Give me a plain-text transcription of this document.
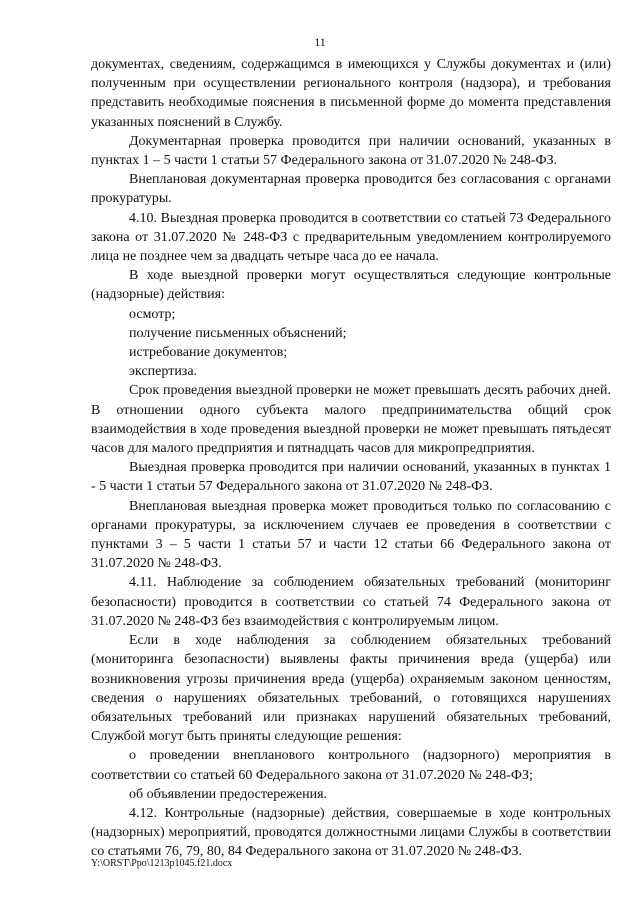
11

документах, сведениям, содержащимся в имеющихся у Службы документах и (или) полученным при осуществлении регионального контроля (надзора), и требования представить необходимые пояснения в письменной форме до момента представления указанных пояснений в Службу.

Документарная проверка проводится при наличии оснований, указанных в пунктах 1 – 5 части 1 статьи 57 Федерального закона от 31.07.2020 № 248-ФЗ.

Внеплановая документарная проверка проводится без согласования с органами прокуратуры.

4.10. Выездная проверка проводится в соответствии со статьей 73 Федерального закона от 31.07.2020 № 248-ФЗ с предварительным уведомлением контролируемого лица не позднее чем за двадцать четыре часа до ее начала.

В ходе выездной проверки могут осуществляться следующие контрольные (надзорные) действия:

осмотр;

получение письменных объяснений;

истребование документов;

экспертиза.

Срок проведения выездной проверки не может превышать десять рабочих дней. В отношении одного субъекта малого предпринимательства общий срок взаимодействия в ходе проведения выездной проверки не может превышать пятьдесят часов для малого предприятия и пятнадцать часов для микропредприятия.

Выездная проверка проводится при наличии оснований, указанных в пунктах 1 - 5 части 1 статьи 57 Федерального закона от 31.07.2020 № 248-ФЗ.

Внеплановая выездная проверка может проводиться только по согласованию с органами прокуратуры, за исключением случаев ее проведения в соответствии с пунктами 3 – 5 части 1 статьи 57 и части 12 статьи 66 Федерального закона от 31.07.2020 № 248-ФЗ.

4.11. Наблюдение за соблюдением обязательных требований (мониторинг безопасности) проводится в соответствии со статьей 74 Федерального закона от 31.07.2020 № 248-ФЗ без взаимодействия с контролируемым лицом.

Если в ходе наблюдения за соблюдением обязательных требований (мониторинга безопасности) выявлены факты причинения вреда (ущерба) или возникновения угрозы причинения вреда (ущерба) охраняемым законом ценностям, сведения о нарушениях обязательных требований, о готовящихся нарушениях обязательных требований или признаках нарушений обязательных требований, Службой могут быть приняты следующие решения:

о проведении внепланового контрольного (надзорного) мероприятия в соответствии со статьей 60 Федерального закона от 31.07.2020 № 248-ФЗ;

об объявлении предостережения.

4.12. Контрольные (надзорные) действия, совершаемые в ходе контрольных (надзорных) мероприятий, проводятся должностными лицами Службы в соответствии со статьями 76, 79, 80, 84 Федерального закона от 31.07.2020 № 248-ФЗ.

Y:\ORST\Ppo\1213p1045.f21.docx
